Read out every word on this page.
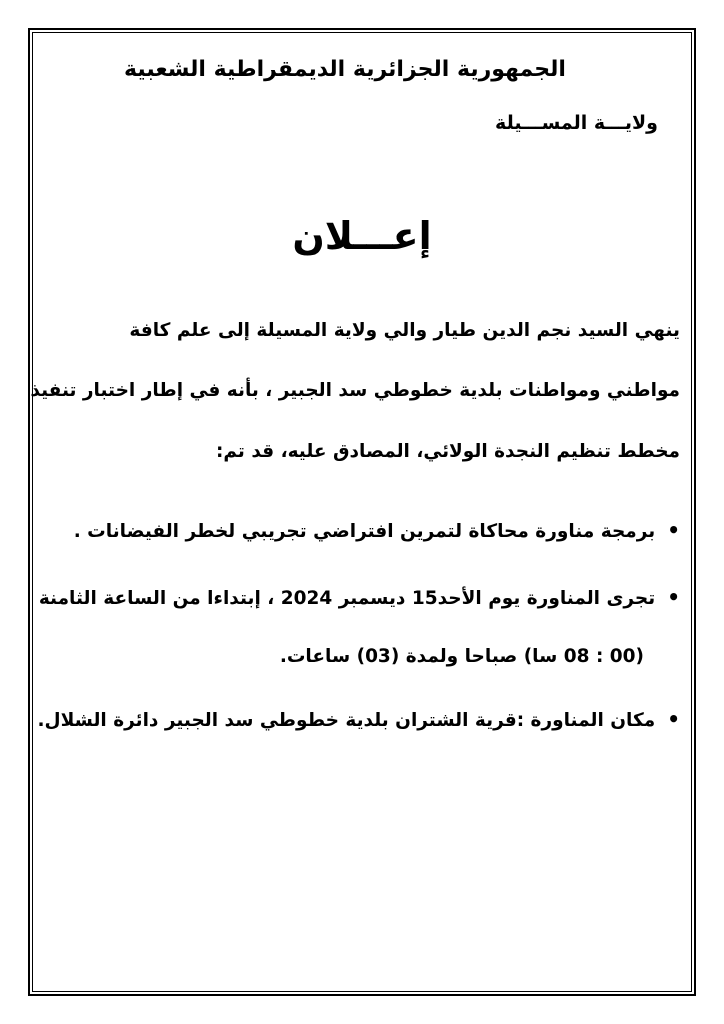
الجمهورية الجزائرية الديمقراطية الشعبية
ولايـــة المســـيلة
إعـــلان
ينهي السيد نجم الدين طيار والي ولاية المسيلة إلى علم كافة
مواطني ومواطنات بلدية خطوطي سد الجبير ، بأنه في إطار اختبار تنفيذ
مخطط تنظيم النجدة الولائي، المصادق عليه، قد تم:
•برمجة مناورة محاكاة لتمرين افتراضي تجريبي لخطر الفيضانات .
•تجرى المناورة يوم الأحد15 ديسمبر 2024 ، إبتداءا من الساعة الثامنة
(00 : 08 سا) صباحا ولمدة (03) ساعات.
•مكان المناورة :قرية الشتران بلدية خطوطي سد الجبير دائرة الشلال.
